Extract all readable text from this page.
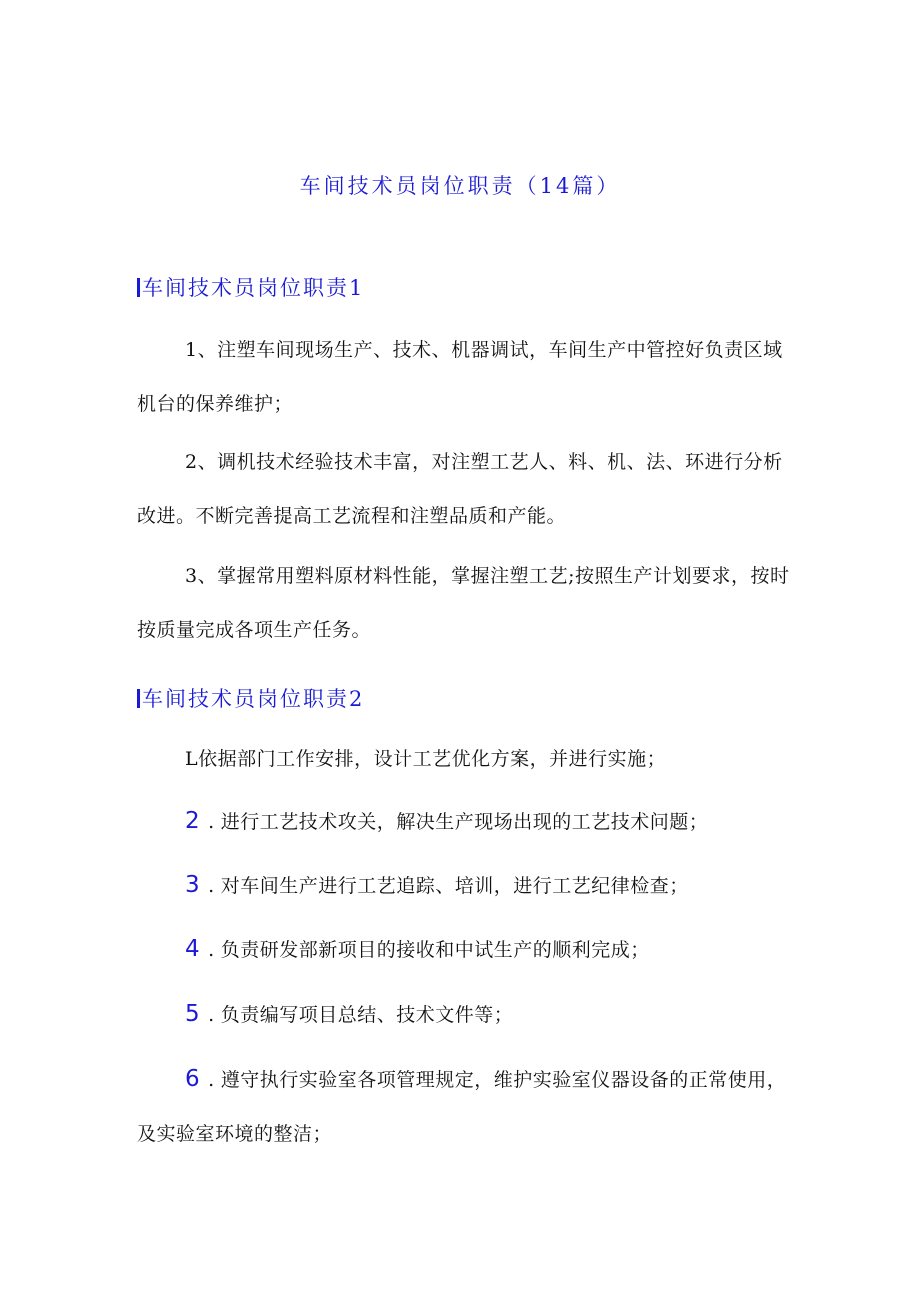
车间技术员岗位职责（14篇）
车间技术员岗位职责1

1、注塑车间现场生产、技术、机器调试，车间生产中管控好负责区域机台的保养维护；

2、调机技术经验技术丰富，对注塑工艺人、料、机、法、环进行分析改进。不断完善提高工艺流程和注塑品质和产能。

3、掌握常用塑料原材料性能，掌握注塑工艺;按照生产计划要求，按时按质量完成各项生产任务。

车间技术员岗位职责2

L依据部门工作安排，设计工艺优化方案，并进行实施；

2 . 进行工艺技术攻关，解决生产现场出现的工艺技术问题；

3 . 对车间生产进行工艺追踪、培训，进行工艺纪律检查；

4 . 负责研发部新项目的接收和中试生产的顺利完成；

5 . 负责编写项目总结、技术文件等；

6 . 遵守执行实验室各项管理规定，维护实验室仪器设备的正常使用，及实验室环境的整洁；
